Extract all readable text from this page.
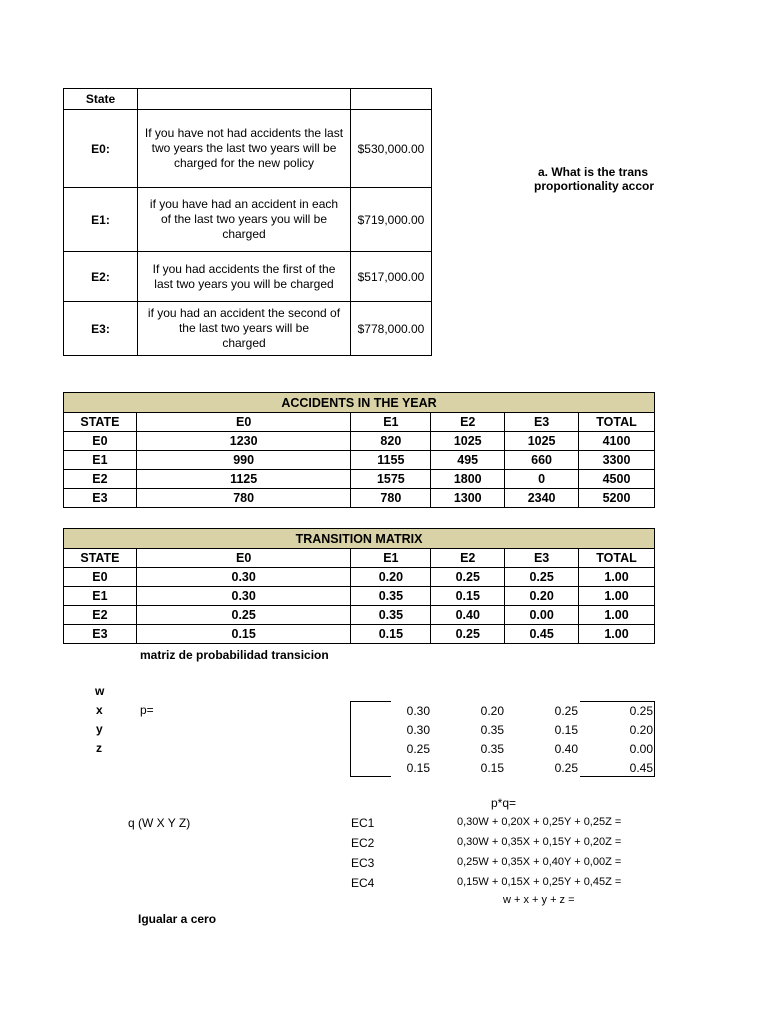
State		
E0:	If you have not had accidents the last
two years the last two years will be
charged for the new policy	$530,000.00
E1:	if you have had an accident in each
of the last two years you will be
charged	$719,000.00
E2:	If you had accidents the first of the
last two years you will be charged	$517,000.00
E3:	if you had an accident the second of
the last two years will be
charged	$778,000.00
a. What is the trans
proportionality accor
ACCIDENTS IN THE YEAR					
STATE	E0	E1	E2	E3	TOTAL
E0	1230	820	1025	1025	4100
E1	990	1155	495	660	3300
E2	1125	1575	1800	0	4500
E3	780	780	1300	2340	5200
TRANSITION MATRIX					
STATE	E0	E1	E2	E3	TOTAL
E0	0.30	0.20	0.25	0.25	1.00
E1	0.30	0.35	0.15	0.20	1.00
E2	0.25	0.35	0.40	0.00	1.00
E3	0.15	0.15	0.25	0.45	1.00
matriz de probabilidad transicion
w
x
y
z
p=	0.30	0.20	0.25	0.25
0.30	0.35	0.15	0.20
0.25	0.35	0.40	0.00
0.15	0.15	0.25	0.45
p*q=
q (W X Y Z)	EC1	0,30W + 0,20X + 0,25Y + 0,25Z =
EC2	0,30W + 0,35X + 0,15Y + 0,20Z =
EC3	0,25W + 0,35X + 0,40Y + 0,00Z =
EC4	0,15W + 0,15X + 0,25Y + 0,45Z =
w + x + y + z =
Igualar a cero
